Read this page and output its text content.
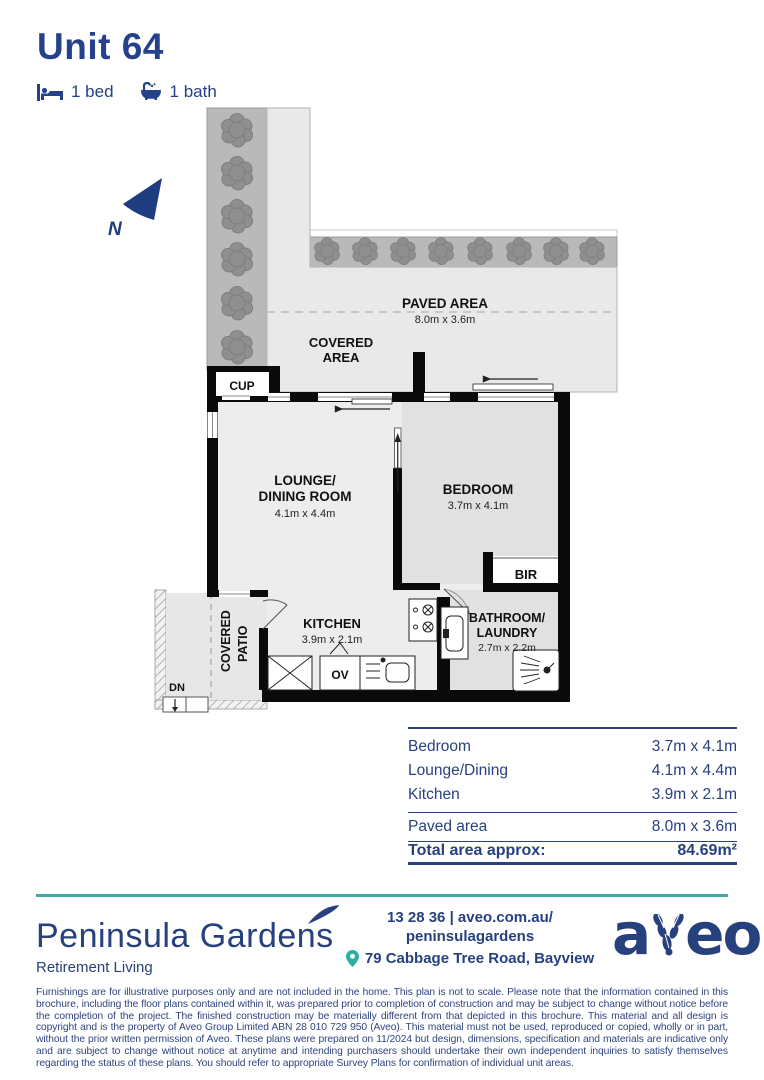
Unit 64
1 bed	1 bath
N
PAVED AREA
8.0m x 3.6m
COVERED
AREA
COVERED PATIO
DN
CUP
BIR
OV
LOUNGE/
DINING ROOM
4.1m x 4.4m
BEDROOM
3.7m x 4.1m
KITCHEN
3.9m x 2.1m
BATHROOM/
LAUNDRY
2.7m x 2.2m
Bedroom	3.7m x 4.1m
Lounge/Dining	4.1m x 4.4m
Kitchen	3.9m x 2.1m
Paved area	8.0m x 3.6m
Total area approx:	84.69m²
Peninsula Gardens
Retirement Living
13 28 36 | aveo.com.au/
peninsulagardens
79 Cabbage Tree Road, Bayview a eo
Furnishings are for illustrative purposes only and are not included in the home. This plan is not to scale. Please note that the information contained in this brochure, including the floor plans contained within it, was prepared prior to completion of construction and may be subject to change without notice before the completion of the project. The finished construction may be materially different from that depicted in this brochure. This material and all design is copyright and is the property of Aveo Group Limited ABN 28 010 729 950 (Aveo). This material must not be used, reproduced or copied, wholly or in part, without the prior written permission of Aveo. These plans were prepared on 11/2024 but design, dimensions, specification and materials are indicative only and are subject to change without notice at anytime and intending purchasers should undertake their own independent inquiries to satisfy themselves regarding the status of these plans. You should refer to appropriate Survey Plans for confirmation of individual unit areas.
